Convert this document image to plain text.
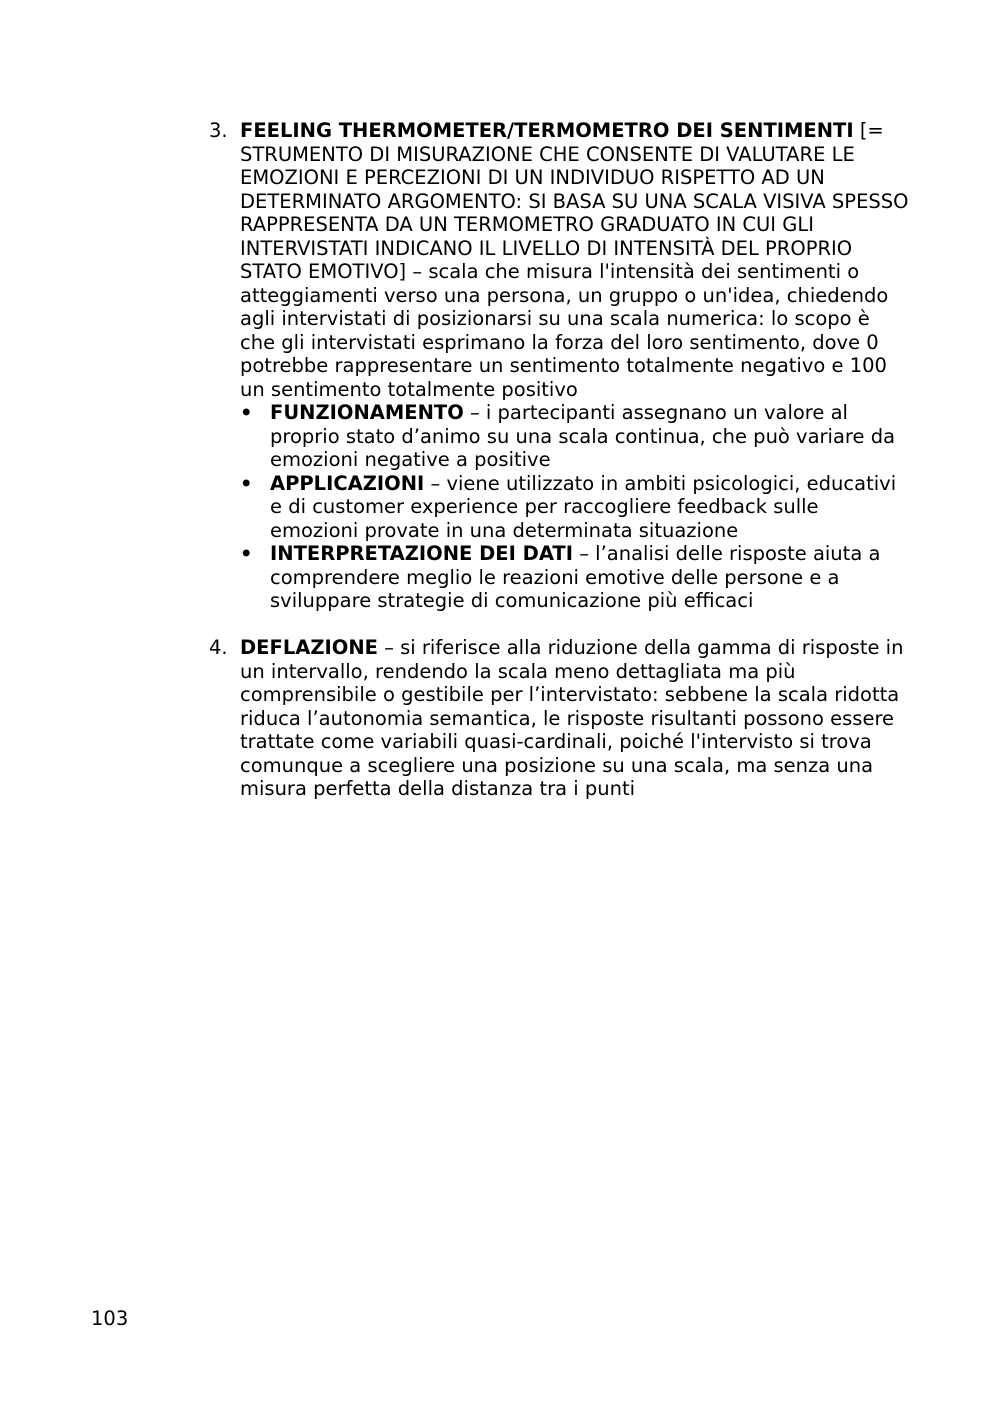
3. FEELING THERMOMETER/TERMOMETRO DEI SENTIMENTI [= STRUMENTO DI MISURAZIONE CHE CONSENTE DI VALUTARE LE EMOZIONI E PERCEZIONI DI UN INDIVIDUO RISPETTO AD UN DETERMINATO ARGOMENTO: SI BASA SU UNA SCALA VISIVA SPESSO RAPPRESENTA DA UN TERMOMETRO GRADUATO IN CUI GLI INTERVISTATI INDICANO IL LIVELLO DI INTENSITÀ DEL PROPRIO STATO EMOTIVO] – scala che misura l'intensità dei sentimenti o atteggiamenti verso una persona, un gruppo o un'idea, chiedendo agli intervistati di posizionarsi su una scala numerica: lo scopo è che gli intervistati esprimano la forza del loro sentimento, dove 0 potrebbe rappresentare un sentimento totalmente negativo e 100 un sentimento totalmente positivo
• FUNZIONAMENTO – i partecipanti assegnano un valore al proprio stato d’animo su una scala continua, che può variare da emozioni negative a positive
• APPLICAZIONI – viene utilizzato in ambiti psicologici, educativi e di customer experience per raccogliere feedback sulle emozioni provate in una determinata situazione
• INTERPRETAZIONE DEI DATI – l’analisi delle risposte aiuta a comprendere meglio le reazioni emotive delle persone e a sviluppare strategie di comunicazione più efficaci
4. DEFLAZIONE – si riferisce alla riduzione della gamma di risposte in un intervallo, rendendo la scala meno dettagliata ma più comprensibile o gestibile per l’intervistato: sebbene la scala ridotta riduca l’autonomia semantica, le risposte risultanti possono essere trattate come variabili quasi-cardinali, poiché l'intervisto si trova comunque a scegliere una posizione su una scala, ma senza una misura perfetta della distanza tra i punti
103
